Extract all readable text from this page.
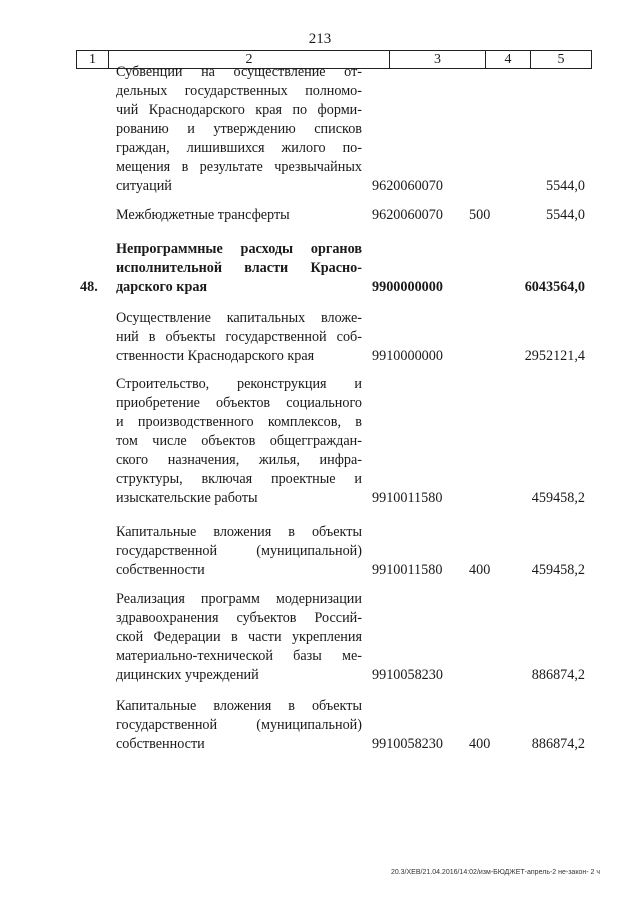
213
1	2	3	4	5
Субвенции на осуществление от-
дельных государственных полномо-
чий Краснодарского края по форми-
рованию и утверждению списков
граждан, лишившихся жилого по-
мещения в результате чрезвычайных
ситуаций	9620060070	5544,0
Межбюджетные трансферты	9620060070 500	5544,0
48.
Непрограммные расходы органов
исполнительной власти Красно-
дарского края	9900000000	6043564,0
Осуществление капитальных вложе-
ний в объекты государственной соб-
ственности Краснодарского края	9910000000	2952121,4
Строительство, реконструкция и
приобретение объектов социального
и производственного комплексов, в
том числе объектов общегграждан-
ского назначения, жилья, инфра-
структуры, включая проектные и
изыскательские работы	9910011580	459458,2
Капитальные вложения в объекты
государственной (муниципальной)
собственности	9910011580 400	459458,2
Реализация программ модернизации
здравоохранения субъектов Россий-
ской Федерации в части укрепления
материально-технической базы ме-
дицинских учреждений	9910058230	886874,2
Капитальные вложения в объекты
государственной (муниципальной)
собственности	9910058230 400	886874,2
20.3/ХЕВ/21.04.2016/14:02/изм-БЮДЖЕТ-апрель-2 не-закон- 2 ч
